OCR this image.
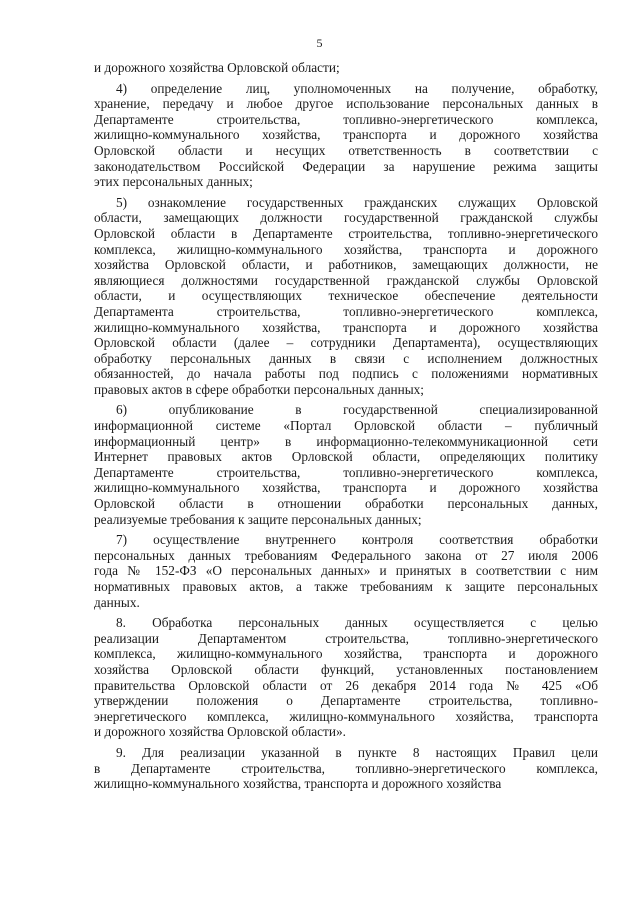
5
и дорожного хозяйства Орловской области;
4) определение лиц, уполномоченных на получение, обработку,
хранение, передачу и любое другое использование персональных данных в
Департаменте строительства, топливно-энергетического комплекса,
жилищно-коммунального хозяйства, транспорта и дорожного хозяйства
Орловской области и несущих ответственность в соответствии с
законодательством Российской Федерации за нарушение режима защиты
этих персональных данных;
5) ознакомление государственных гражданских служащих Орловской
области, замещающих должности государственной гражданской службы
Орловской области в Департаменте строительства, топливно-энергетического
комплекса, жилищно-коммунального хозяйства, транспорта и дорожного
хозяйства Орловской области, и работников, замещающих должности, не
являющиеся должностями государственной гражданской службы Орловской
области, и осуществляющих техническое обеспечение деятельности
Департамента строительства, топливно-энергетического комплекса,
жилищно-коммунального хозяйства, транспорта и дорожного хозяйства
Орловской области (далее – сотрудники Департамента), осуществляющих
обработку персональных данных в связи с исполнением должностных
обязанностей, до начала работы под подпись с положениями нормативных
правовых актов в сфере обработки персональных данных;
6) опубликование в государственной специализированной
информационной системе «Портал Орловской области – публичный
информационный центр» в информационно-телекоммуникационной сети
Интернет правовых актов Орловской области, определяющих политику
Департаменте строительства, топливно-энергетического комплекса,
жилищно-коммунального хозяйства, транспорта и дорожного хозяйства
Орловской области в отношении обработки персональных данных,
реализуемые требования к защите персональных данных;
7) осуществление внутреннего контроля соответствия обработки
персональных данных требованиям Федерального закона от 27 июля 2006
года № 152-ФЗ «О персональных данных» и принятых в соответствии с ним
нормативных правовых актов, а также требованиям к защите персональных
данных.
8. Обработка персональных данных осуществляется с целью
реализации Департаментом строительства, топливно-энергетического
комплекса, жилищно-коммунального хозяйства, транспорта и дорожного
хозяйства Орловской области функций, установленных постановлением
правительства Орловской области от 26 декабря 2014 года № 425 «Об
утверждении положения о Департаменте строительства, топливно-
энергетического комплекса, жилищно-коммунального хозяйства, транспорта
и дорожного хозяйства Орловской области».
9. Для реализации указанной в пункте 8 настоящих Правил цели
в Департаменте строительства, топливно-энергетического комплекса,
жилищно-коммунального хозяйства, транспорта и дорожного хозяйства
